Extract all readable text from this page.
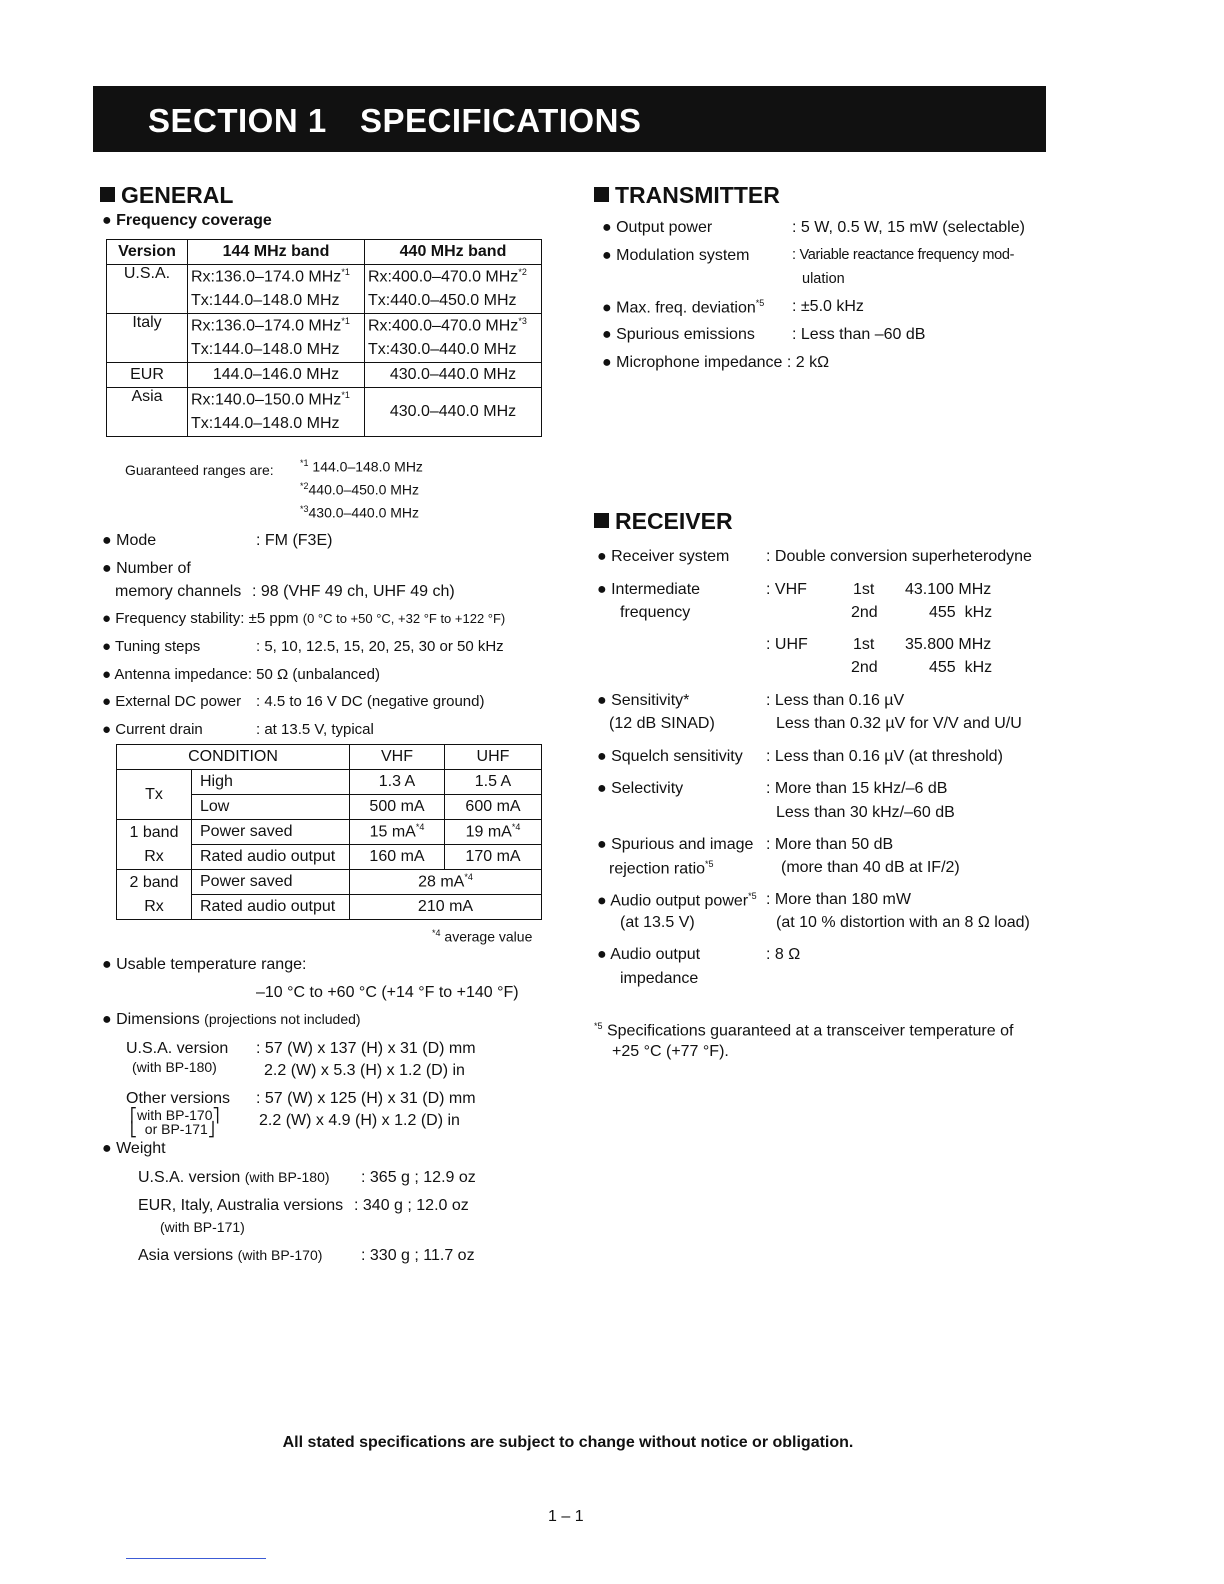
SECTION 1 SPECIFICATIONS
GENERAL
● Frequency coverage
Version	144 MHz band	440 MHz band
U.S.A.	Rx:136.0–174.0 MHz$^{*1}$	Rx:400.0–470.0 MHz$^{*2}$
	Tx:144.0–148.0 MHz	Tx:440.0–450.0 MHz
Italy	Rx:136.0–174.0 MHz$^{*1}$	Rx:400.0–470.0 MHz$^{*3}$
	Tx:144.0–148.0 MHz	Tx:430.0–440.0 MHz
EUR	144.0–146.0 MHz	430.0–440.0 MHz
Asia	Rx:140.0–150.0 MHz$^{*1}$	430.0–440.0 MHz
	Tx:144.0–148.0 MHz	
Guaranteed ranges are:	$^{*1}$ 144.0–148.0 MHz
$^{*2}$440.0–450.0 MHz
$^{*3}$430.0–440.0 MHz
● Mode	: FM (F3E)
● Number of
memory channels : 98 (VHF 49 ch, UHF 49 ch)
● Frequency stability: ±5 ppm (0 °C to +50 °C, +32 °F to +122 °F)
● Tuning steps	: 5, 10, 12.5, 15, 20, 25, 30 or 50 kHz
● Antenna impedance: 50 Ω (unbalanced)
● External DC power : 4.5 to 16 V DC (negative ground)
● Current drain	: at 13.5 V, typical
CONDITION		VHF	UHF
Tx	High	1.3 A	1.5 A
	Low	500 mA	600 mA
1 band
Rx	Power saved	15 $mA^{*4}$	19 $mA^{*4}$
	Rated audio output	160 mA	170 mA
2 band
Rx	Power saved	28 $mA^{*4}$
	Rated audio output	210 mA	
$^{*4}$ average value
● Usable temperature range:
–10 °C to +60 °C (+14 °F to +140 °F)
● Dimensions (projections not included)
U.S.A. version
(with BP-180)
: 57 (W) x 137 (H) x 31 (D) mm
2.2 (W) x 5.3 (H) x 1.2 (D) in
Other versions
⎡with BP-170⎤
⎣  or BP-171⎦
: 57 (W) x 125 (H) x 31 (D) mm
2.2 (W) x 4.9 (H) x 1.2 (D) in
● Weight
U.S.A. version (with BP-180) : 365 g ; 12.9 oz
EUR, Italy, Australia versions : 340 g ; 12.0 oz
(with BP-171)
Asia versions (with BP-170) : 330 g ; 11.7 oz
TRANSMITTER
● Output power	: 5 W, 0.5 W, 15 mW (selectable)
● Modulation system	: Variable reactance frequency mod-
ulation
● Max. freq. deviation$^{*5}$ : ±5.0 kHz
● Spurious emissions : Less than –60 dB
● Microphone impedance : 2 kΩ
RECEIVER
● Receiver system : Double conversion superheterodyne
● Intermediate
frequency
: VHF	1st 43.100 MHz
2nd	455  kHz
: UHF	1st 35.800 MHz
2nd	455  kHz
● Sensitivity*
(12 dB SINAD)
: Less than 0.16 µV
Less than 0.32 µV for V/V and U/U
● Squelch sensitivity : Less than 0.16 µV (at threshold)
● Selectivity	: More than 15 kHz/–6 dB
Less than 30 kHz/–60 dB
● Spurious and image
rejection ratio$^{*5}$
: More than 50 dB
(more than 40 dB at IF/2)
● Audio output power$^{*5}$
(at 13.5 V)
: More than 180 mW
(at 10 % distortion with an 8 Ω load)
● Audio output
impedance
: 8 Ω
$^{*5}$ Specifications guaranteed at a transceiver temperature of
+25 °C (+77 °F).
All stated specifications are subject to change without notice or obligation.
1 – 1
